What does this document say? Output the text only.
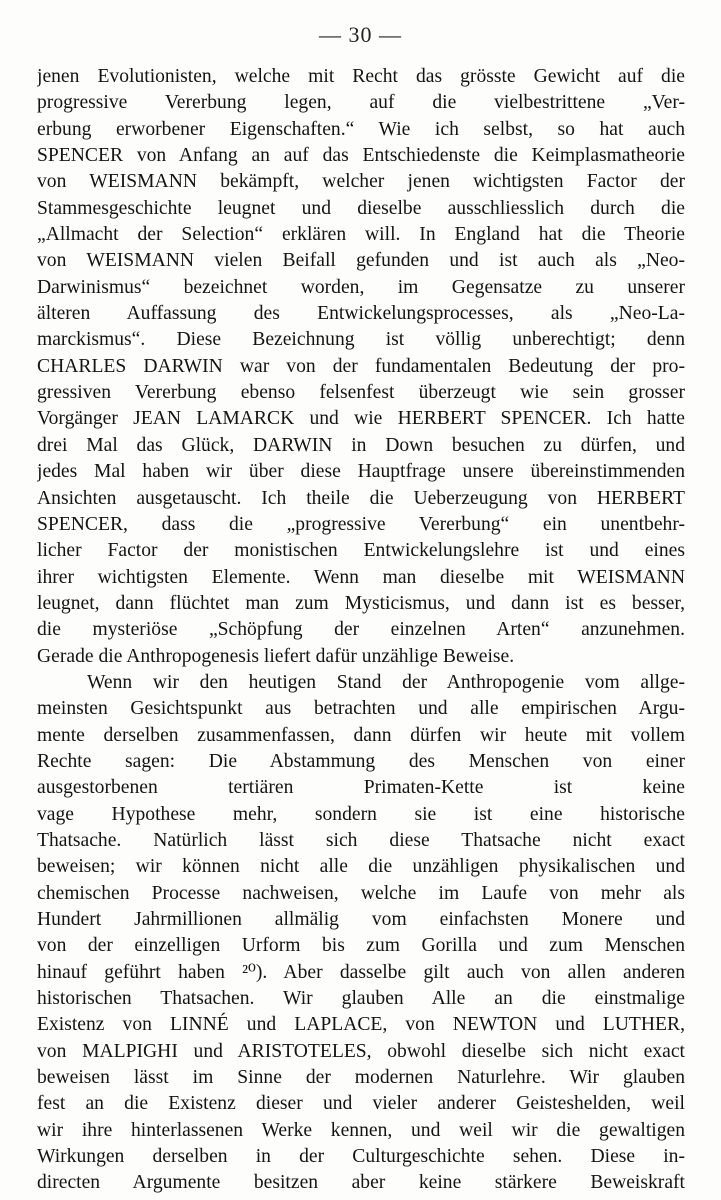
— 30 —
jenen Evolutionisten, welche mit Recht das grösste Gewicht auf die
progressive Vererbung legen, auf die vielbestrittene „Ver-
erbung erworbener Eigenschaften.“ Wie ich selbst, so hat auch
SPENCER von Anfang an auf das Entschiedenste die Keimplasmatheorie
von WEISMANN bekämpft, welcher jenen wichtigsten Factor der
Stammesgeschichte leugnet und dieselbe ausschliesslich durch die
„Allmacht der Selection“ erklären will. In England hat die Theorie
von WEISMANN vielen Beifall gefunden und ist auch als „Neo-
Darwinismus“ bezeichnet worden, im Gegensatze zu unserer
älteren Auffassung des Entwickelungsprocesses, als „Neo-La-
marckismus“. Diese Bezeichnung ist völlig unberechtigt; denn
CHARLES DARWIN war von der fundamentalen Bedeutung der pro-
gressiven Vererbung ebenso felsenfest überzeugt wie sein grosser
Vorgänger JEAN LAMARCK und wie HERBERT SPENCER. Ich hatte
drei Mal das Glück, DARWIN in Down besuchen zu dürfen, und
jedes Mal haben wir über diese Hauptfrage unsere übereinstimmenden
Ansichten ausgetauscht. Ich theile die Ueberzeugung von HERBERT
SPENCER, dass die „progressive Vererbung“ ein unentbehr-
licher Factor der monistischen Entwickelungslehre ist und eines
ihrer wichtigsten Elemente. Wenn man dieselbe mit WEISMANN
leugnet, dann flüchtet man zum Mysticismus, und dann ist es besser,
die mysteriöse „Schöpfung der einzelnen Arten“ anzunehmen.
Gerade die Anthropogenesis liefert dafür unzählige Beweise.
Wenn wir den heutigen Stand der Anthropogenie vom allge-
meinsten Gesichtspunkt aus betrachten und alle empirischen Argu-
mente derselben zusammenfassen, dann dürfen wir heute mit vollem
Rechte sagen: Die Abstammung des Menschen von einer
ausgestorbenen tertiären Primaten-Kette ist keine
vage Hypothese mehr, sondern sie ist eine historische
Thatsache. Natürlich lässt sich diese Thatsache nicht exact
beweisen; wir können nicht alle die unzähligen physikalischen und
chemischen Processe nachweisen, welche im Laufe von mehr als
Hundert Jahrmillionen allmälig vom einfachsten Monere und
von der einzelligen Urform bis zum Gorilla und zum Menschen
hinauf geführt haben ²⁰). Aber dasselbe gilt auch von allen anderen
historischen Thatsachen. Wir glauben Alle an die einstmalige
Existenz von LINNÉ und LAPLACE, von NEWTON und LUTHER,
von MALPIGHI und ARISTOTELES, obwohl dieselbe sich nicht exact
beweisen lässt im Sinne der modernen Naturlehre. Wir glauben
fest an die Existenz dieser und vieler anderer Geisteshelden, weil
wir ihre hinterlassenen Werke kennen, und weil wir die gewaltigen
Wirkungen derselben in der Culturgeschichte sehen. Diese in-
directen Argumente besitzen aber keine stärkere Beweiskraft
